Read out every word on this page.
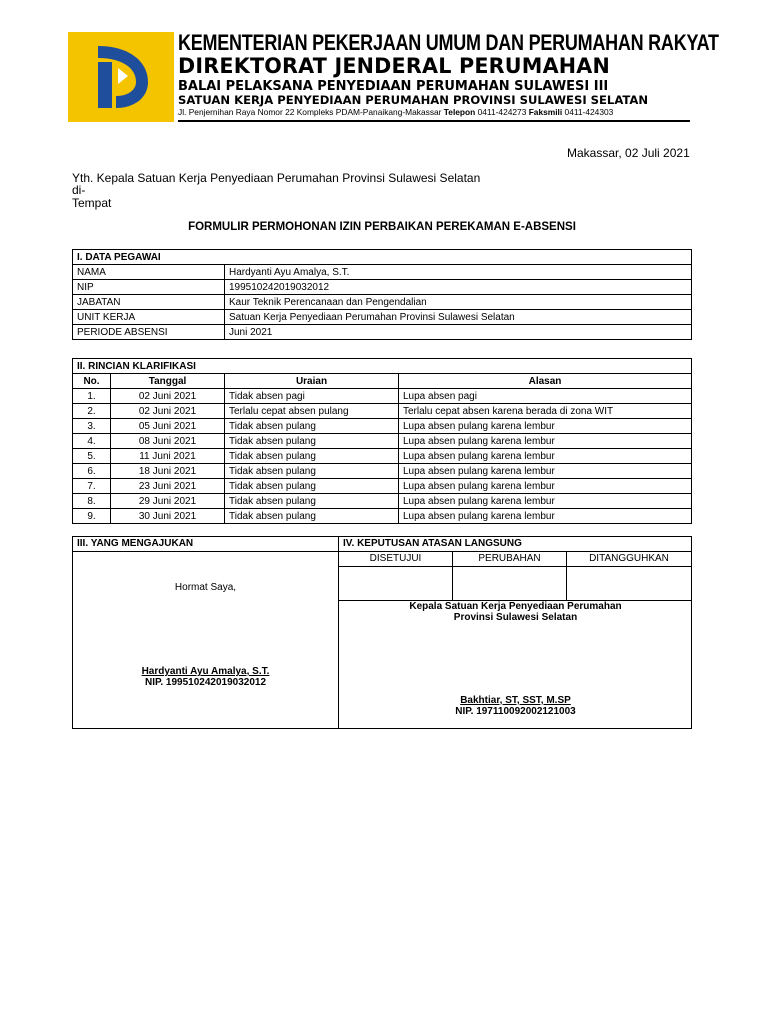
KEMENTERIAN PEKERJAAN UMUM DAN PERUMAHAN RAKYAT
DIREKTORAT JENDERAL PERUMAHAN
BALAI PELAKSANA PENYEDIAAN PERUMAHAN SULAWESI III
SATUAN KERJA PENYEDIAAN PERUMAHAN PROVINSI SULAWESI SELATAN
Jl. Penjernihan Raya Nomor 22 Kompleks PDAM-Panaikang-Makassar Telepon 0411-424273 Faksmili 0411-424303
Makassar, 02 Juli 2021
Yth. Kepala Satuan Kerja Penyediaan Perumahan Provinsi Sulawesi Selatan
di-
Tempat
FORMULIR PERMOHONAN IZIN PERBAIKAN PEREKAMAN E-ABSENSI
I. DATA PEGAWAI	
NAMA	Hardyanti Ayu Amalya, S.T.
NIP	199510242019032012
JABATAN	Kaur Teknik Perencanaan dan Pengendalian
UNIT KERJA	Satuan Kerja Penyediaan Perumahan Provinsi Sulawesi Selatan
PERIODE ABSENSI	Juni 2021
II. RINCIAN KLARIFIKASI			
No.	Tanggal	Uraian	Alasan
1.	02 Juni 2021	Tidak absen pagi	Lupa absen pagi
2.	02 Juni 2021	Terlalu cepat absen pulang	Terlalu cepat absen karena berada di zona WIT
3.	05 Juni 2021	Tidak absen pulang	Lupa absen pulang karena lembur
4.	08 Juni 2021	Tidak absen pulang	Lupa absen pulang karena lembur
5.	11 Juni 2021	Tidak absen pulang	Lupa absen pulang karena lembur
6.	18 Juni 2021	Tidak absen pulang	Lupa absen pulang karena lembur
7.	23 Juni 2021	Tidak absen pulang	Lupa absen pulang karena lembur
8.	29 Juni 2021	Tidak absen pulang	Lupa absen pulang karena lembur
9.	30 Juni 2021	Tidak absen pulang	Lupa absen pulang karena lembur
III. YANG MENGAJUKAN	IV. KEPUTUSAN ATASAN LANGSUNG		
	DISETUJUI	PERUBAHAN	DITANGGUHKAN

Hormat Saya,
Hardyanti Ayu Amalya, S.T.
NIP. 199510242019032012
Kepala Satuan Kerja Penyediaan Perumahan
Provinsi Sulawesi Selatan
Bakhtiar, ST, SST, M.SP
NIP. 197110092002121003
